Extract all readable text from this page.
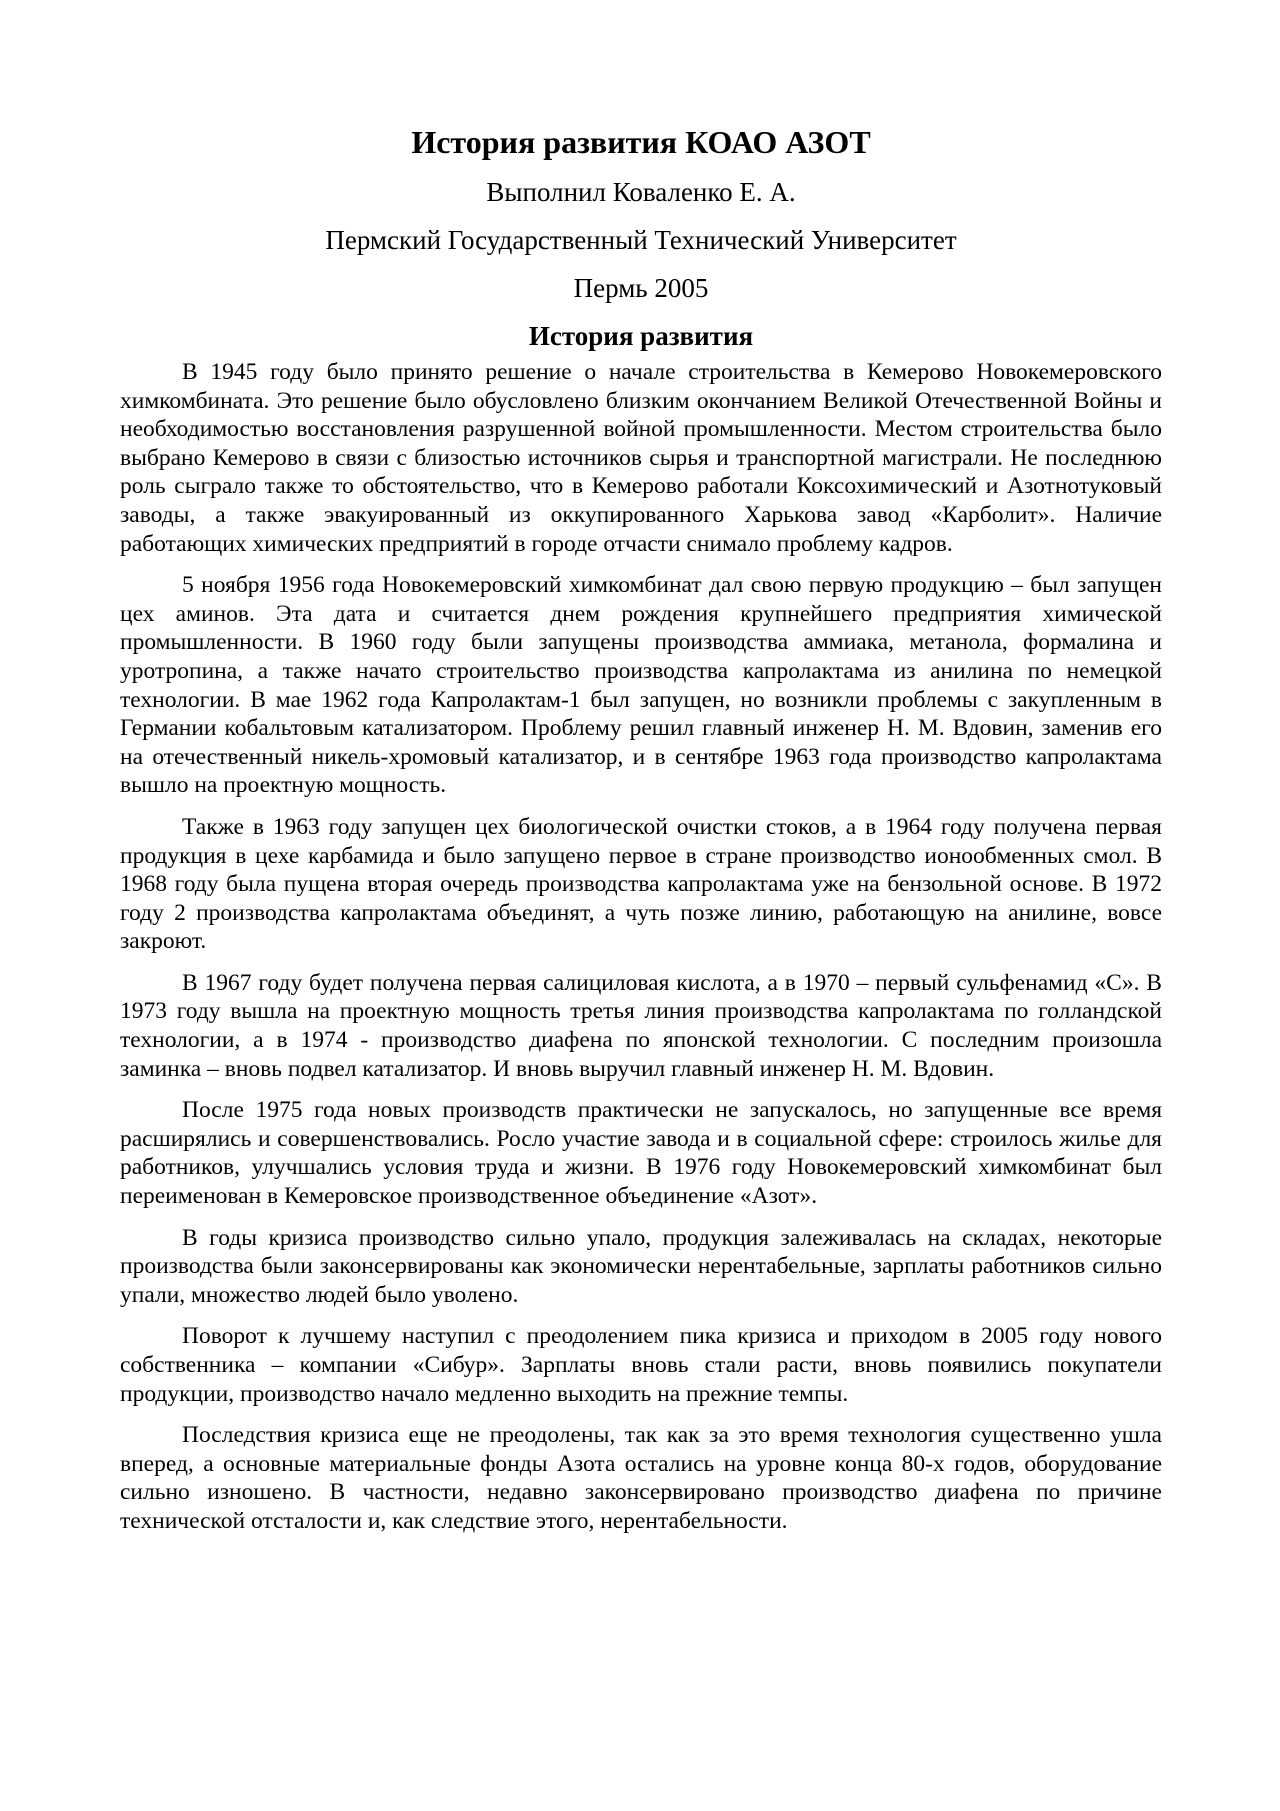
История развития КОАО АЗОТ
Выполнил Коваленко Е. А.
Пермский Государственный Технический Университет
Пермь 2005
История развития

В 1945 году было принято решение о начале строительства в Кемерово Новокемеровского химкомбината. Это решение было обусловлено близким окончанием Великой Отечественной Войны и необходимостью восстановления разрушенной войной промышленности. Местом строительства было выбрано Кемерово в связи с близостью источников сырья и транспортной магистрали. Не последнюю роль сыграло также то обстоятельство, что в Кемерово работали Коксохимический и Азотнотуковый заводы, а также эвакуированный из оккупированного Харькова завод «Карболит». Наличие работающих химических предприятий в городе отчасти снимало проблему кадров.

5 ноября 1956 года Новокемеровский химкомбинат дал свою первую продукцию – был запущен цех аминов. Эта дата и считается днем рождения крупнейшего предприятия химической промышленности. В 1960 году были запущены производства аммиака, метанола, формалина и уротропина, а также начато строительство производства капролактама из анилина по немецкой технологии. В мае 1962 года Капролактам-1 был запущен, но возникли проблемы с закупленным в Германии кобальтовым катализатором. Проблему решил главный инженер Н. М. Вдовин, заменив его на отечественный никель-хромовый катализатор, и в сентябре 1963 года производство капролактама вышло на проектную мощность.

Также в 1963 году запущен цех биологической очистки стоков, а в 1964 году получена первая продукция в цехе карбамида и было запущено первое в стране производство ионообменных смол. В 1968 году была пущена вторая очередь производства капролактама уже на бензольной основе. В 1972 году 2 производства капролактама объединят, а чуть позже линию, работающую на анилине, вовсе закроют.

В 1967 году будет получена первая салициловая кислота, а в 1970 – первый сульфенамид «С». В 1973 году вышла на проектную мощность третья линия производства капролактама по голландской технологии, а в 1974 - производство диафена по японской технологии. С последним произошла заминка – вновь подвел катализатор. И вновь выручил главный инженер Н. М. Вдовин.

После 1975 года новых производств практически не запускалось, но запущенные все время расширялись и совершенствовались. Росло участие завода и в социальной сфере: строилось жилье для работников, улучшались условия труда и жизни. В 1976 году Новокемеровский химкомбинат был переименован в Кемеровское производственное объединение «Азот».

В годы кризиса производство сильно упало, продукция залеживалась на складах, некоторые производства были законсервированы как экономически нерентабельные, зарплаты работников сильно упали, множество людей было уволено.

Поворот к лучшему наступил с преодолением пика кризиса и приходом в 2005 году нового собственника – компании «Сибур». Зарплаты вновь стали расти, вновь появились покупатели продукции, производство начало медленно выходить на прежние темпы.

Последствия кризиса еще не преодолены, так как за это время технология существенно ушла вперед, а основные материальные фонды Азота остались на уровне конца 80-х годов, оборудование сильно изношено. В частности, недавно законсервировано производство диафена по причине технической отсталости и, как следствие этого, нерентабельности.
